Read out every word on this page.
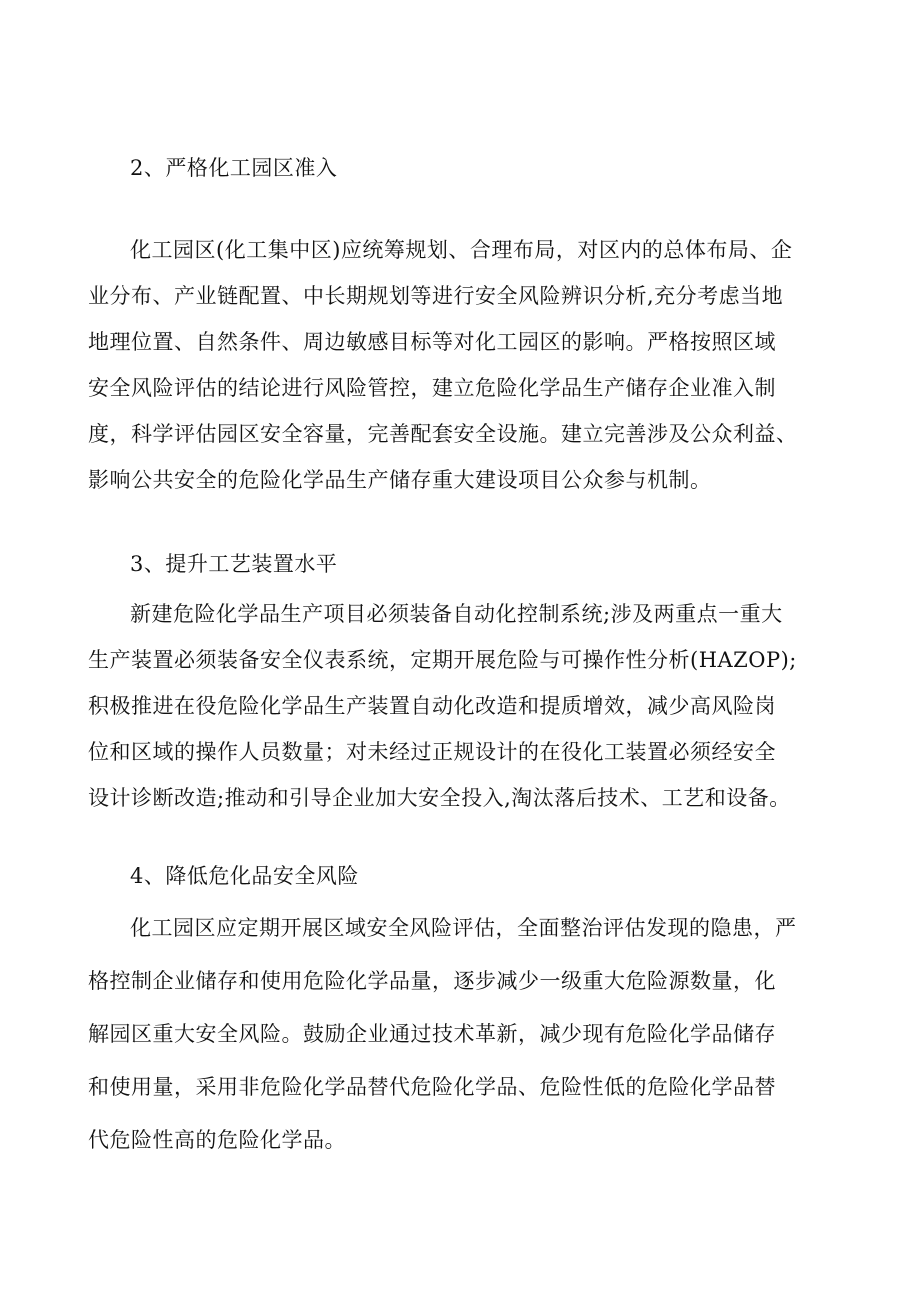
2、严格化工园区准入

化工园区(化工集中区)应统筹规划、合理布局，对区内的总体布局、企
业分布、产业链配置、中长期规划等进行安全风险辨识分析,充分考虑当地
地理位置、自然条件、周边敏感目标等对化工园区的影响。严格按照区域
安全风险评估的结论进行风险管控，建立危险化学品生产储存企业准入制
度，科学评估园区安全容量，完善配套安全设施。建立完善涉及公众利益、
影响公共安全的危险化学品生产储存重大建设项目公众参与机制。

3、提升工艺装置水平

新建危险化学品生产项目必须装备自动化控制系统;涉及两重点一重大
生产装置必须装备安全仪表系统，定期开展危险与可操作性分析(HAZOP);
积极推进在役危险化学品生产装置自动化改造和提质增效，减少高风险岗
位和区域的操作人员数量；对未经过正规设计的在役化工装置必须经安全
设计诊断改造;推动和引导企业加大安全投入,淘汰落后技术、工艺和设备。

4、降低危化品安全风险

化工园区应定期开展区域安全风险评估，全面整治评估发现的隐患，严
格控制企业储存和使用危险化学品量，逐步减少一级重大危险源数量，化
解园区重大安全风险。鼓励企业通过技术革新，减少现有危险化学品储存
和使用量，采用非危险化学品替代危险化学品、危险性低的危险化学品替
代危险性高的危险化学品。
